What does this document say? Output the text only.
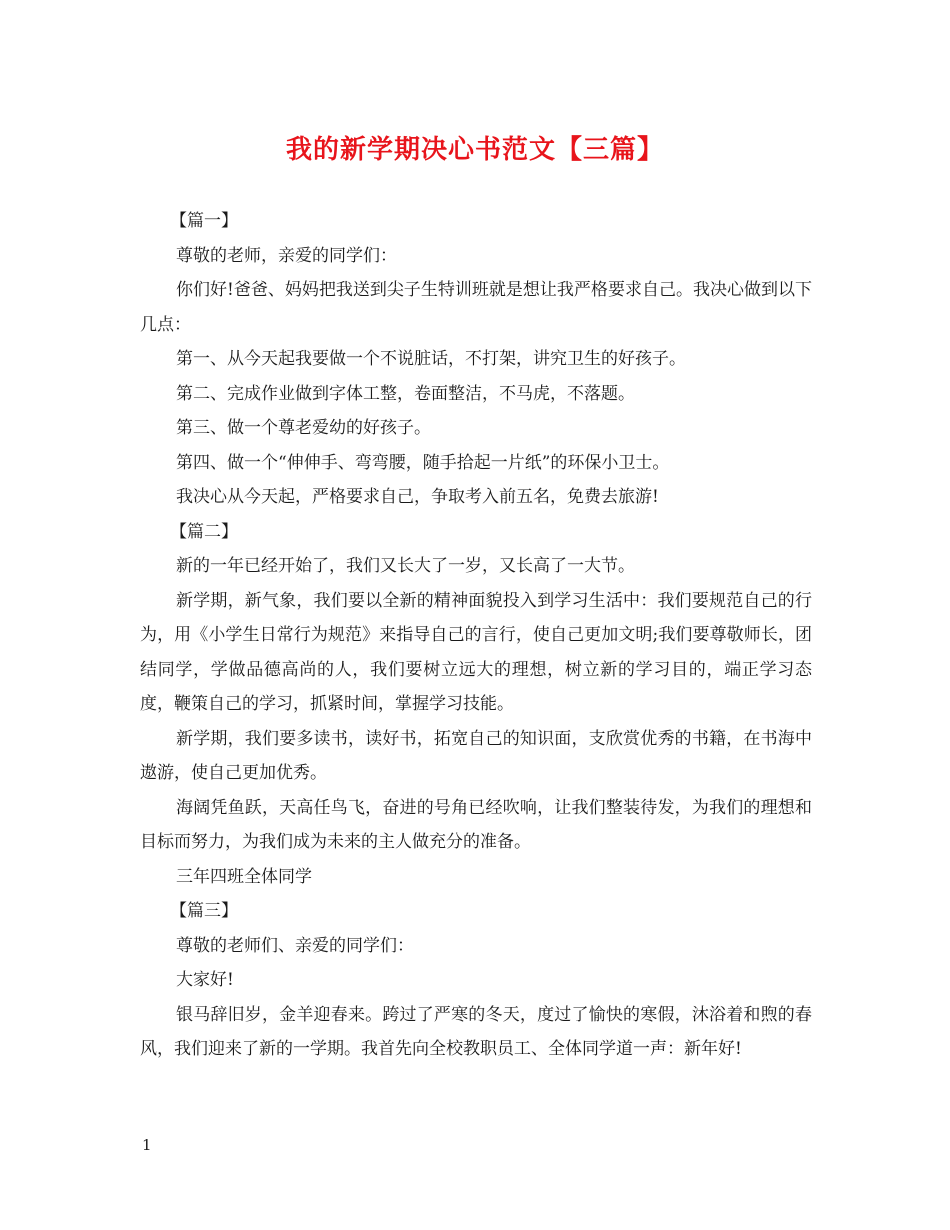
我的新学期决心书范文【三篇】

【篇一】

尊敬的老师，亲爱的同学们：

你们好!爸爸、妈妈把我送到尖子生特训班就是想让我严格要求自己。我决心做到以下几点：

第一、从今天起我要做一个不说脏话，不打架，讲究卫生的好孩子。

第二、完成作业做到字体工整，卷面整洁，不马虎，不落题。

第三、做一个尊老爱幼的好孩子。

第四、做一个“伸伸手、弯弯腰，随手拾起一片纸”的环保小卫士。

我决心从今天起，严格要求自己，争取考入前五名，免费去旅游!

【篇二】

新的一年已经开始了，我们又长大了一岁，又长高了一大节。

新学期，新气象，我们要以全新的精神面貌投入到学习生活中：我们要规范自己的行为，用《小学生日常行为规范》来指导自己的言行，使自己更加文明;我们要尊敬师长，团结同学，学做品德高尚的人，我们要树立远大的理想，树立新的学习目的，端正学习态度，鞭策自己的学习，抓紧时间，掌握学习技能。

新学期，我们要多读书，读好书，拓宽自己的知识面，支欣赏优秀的书籍，在书海中遨游，使自己更加优秀。

海阔凭鱼跃，天高任鸟飞，奋进的号角已经吹响，让我们整装待发，为我们的理想和目标而努力，为我们成为未来的主人做充分的准备。

三年四班全体同学

【篇三】

尊敬的老师们、亲爱的同学们：

大家好!

银马辞旧岁，金羊迎春来。跨过了严寒的冬天，度过了愉快的寒假，沐浴着和煦的春风，我们迎来了新的一学期。我首先向全校教职员工、全体同学道一声：新年好!

1
